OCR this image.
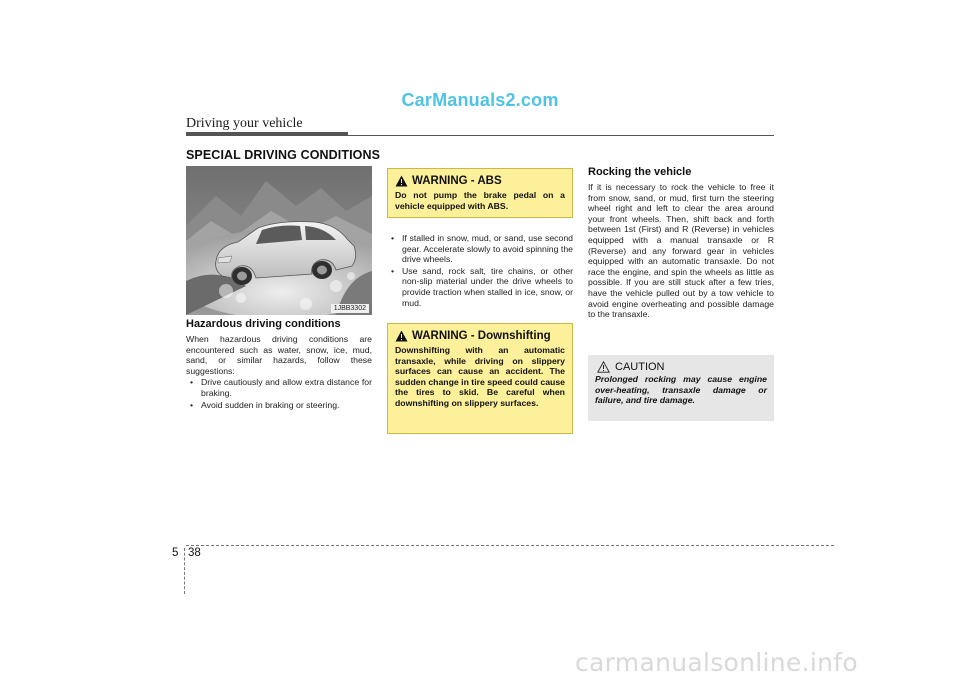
CarManuals2.com
Driving your vehicle
SPECIAL DRIVING CONDITIONS
1JBB3302
Hazardous driving conditions
When hazardous driving conditions are encountered such as water, snow, ice, mud, sand, or similar hazards, follow these suggestions:
• Drive cautiously and allow extra distance for braking.
• Avoid sudden in braking or steering.
WARNING - ABS
Do not pump the brake pedal on a vehicle equipped with ABS.
• If stalled in snow, mud, or sand, use second gear. Accelerate slowly to avoid spinning the drive wheels.
• Use sand, rock salt, tire chains, or other non-slip material under the drive wheels to provide traction when stalled in ice, snow, or mud.
WARNING - Downshifting
Downshifting with an automatic transaxle, while driving on slippery surfaces can cause an accident. The sudden change in tire speed could cause the tires to skid. Be careful when downshifting on slippery surfaces.
Rocking the vehicle
If it is necessary to rock the vehicle to free it from snow, sand, or mud, first turn the steering wheel right and left to clear the area around your front wheels. Then, shift back and forth between 1st (First) and R (Reverse) in vehicles equipped with a manual transaxle or R (Reverse) and any forward gear in vehicles equipped with an automatic transaxle. Do not race the engine, and spin the wheels as little as possible. If you are still stuck after a few tries, have the vehicle pulled out by a tow vehicle to avoid engine overheating and possible damage to the transaxle.
CAUTION
Prolonged rocking may cause engine over-heating, transaxle damage or failure, and tire damage.
5 38
carmanualsonline.info
